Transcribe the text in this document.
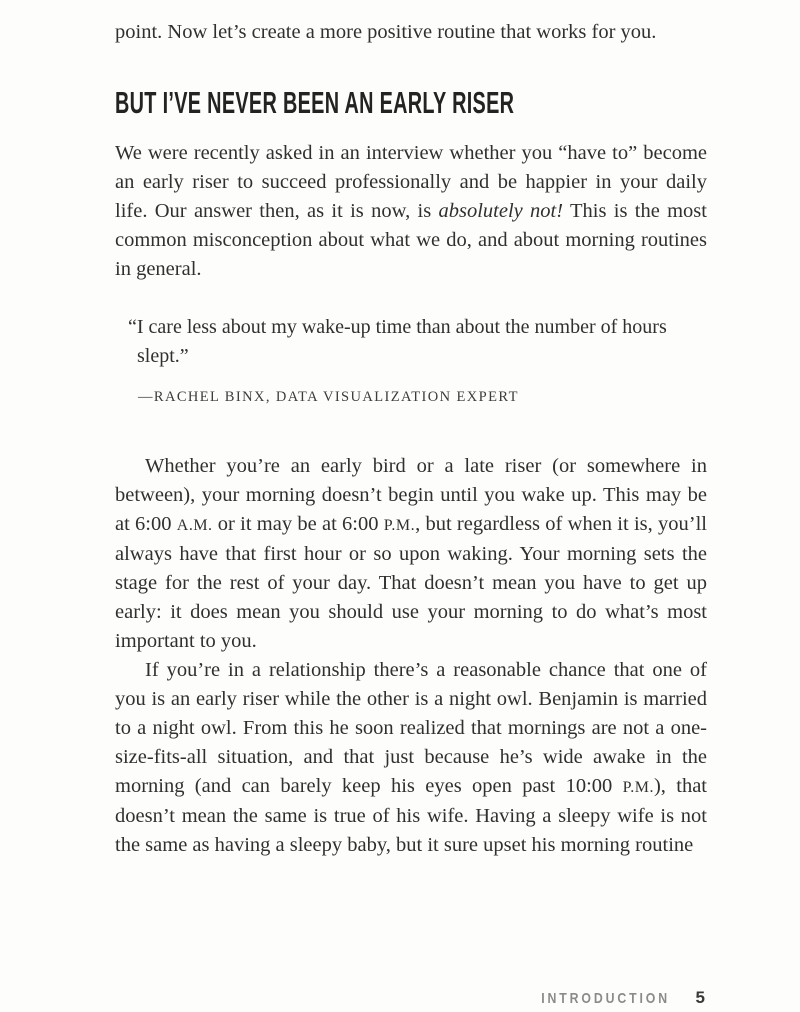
point. Now let’s create a more positive routine that works for you.

BUT I’VE NEVER BEEN AN EARLY RISER

We were recently asked in an interview whether you “have to” become an early riser to succeed professionally and be happier in your daily life. Our answer then, as it is now, is absolutely not! This is the most common misconception about what we do, and about morning routines in general.

“I care less about my wake-up time than about the number of hours slept.”

—RACHEL BINX, DATA VISUALIZATION EXPERT

Whether you’re an early bird or a late riser (or somewhere in between), your morning doesn’t begin until you wake up. This may be at 6:00 A.M. or it may be at 6:00 P.M., but regardless of when it is, you’ll always have that first hour or so upon waking. Your morning sets the stage for the rest of your day. That doesn’t mean you have to get up early: it does mean you should use your morning to do what’s most important to you.

If you’re in a relationship there’s a reasonable chance that one of you is an early riser while the other is a night owl. Benjamin is married to a night owl. From this he soon realized that mornings are not a one-size-fits-all situation, and that just because he’s wide awake in the morning (and can barely keep his eyes open past 10:00 P.M.), that doesn’t mean the same is true of his wife. Having a sleepy wife is not the same as having a sleepy baby, but it sure upset his morning routine

INTRODUCTION 5
